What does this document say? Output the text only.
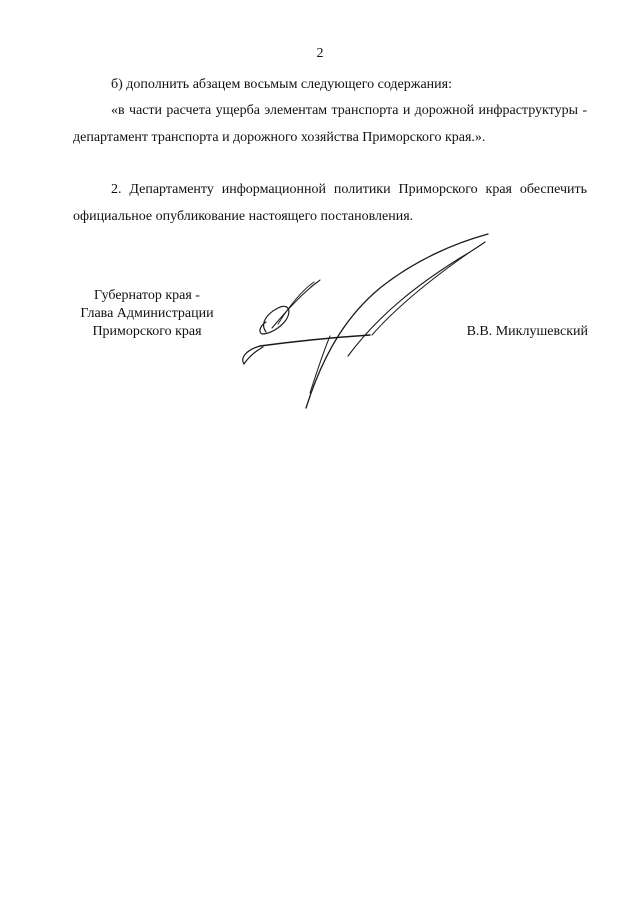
2

б) дополнить абзацем восьмым следующего содержания:

«в части расчета ущерба элементам транспорта и дорожной инфраструктуры - департамент транспорта и дорожного хозяйства Приморского края.».

2. Департаменту информационной политики Приморского края обеспечить официальное опубликование настоящего постановления.

Губернатор края -
Глава Администрации
Приморского края	В.В. Миклушевский
